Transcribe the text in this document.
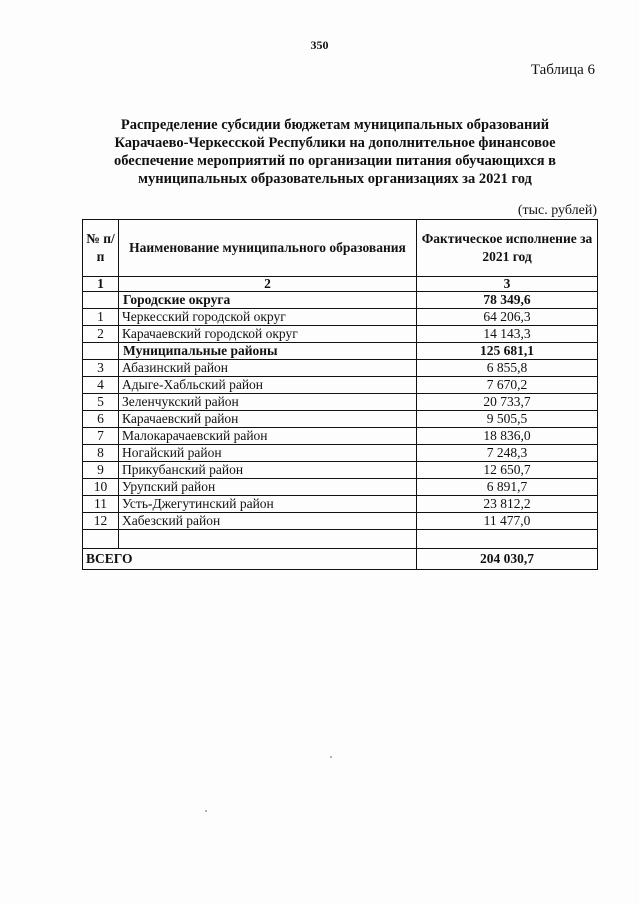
350
Таблица 6
Распределение субсидии бюджетам муниципальных образований
Карачаево-Черкесской Республики на дополнительное финансовое
обеспечение мероприятий по организации питания обучающихся в
муниципальных образовательных организациях за 2021 год
(тыс. рублей)
№ п/п	Наименование муниципального образования	Фактическое исполнение за 2021 год
1	2	3
	Городские округа	78 349,6
1	Черкесский городской округ	64 206,3
2	Карачаевский городской округ	14 143,3
	Муниципальные районы	125 681,1
3	Абазинский район	6 855,8
4	Адыге-Хабльский район	7 670,2
5	Зеленчукский район	20 733,7
6	Карачаевский район	9 505,5
7	Малокарачаевский район	18 836,0
8	Ногайский район	7 248,3
9	Прикубанский район	12 650,7
10	Урупский район	6 891,7
11	Усть-Джегутинский район	23 812,2
12	Хабезский район	11 477,0

ВСЕГО		204 030,7
